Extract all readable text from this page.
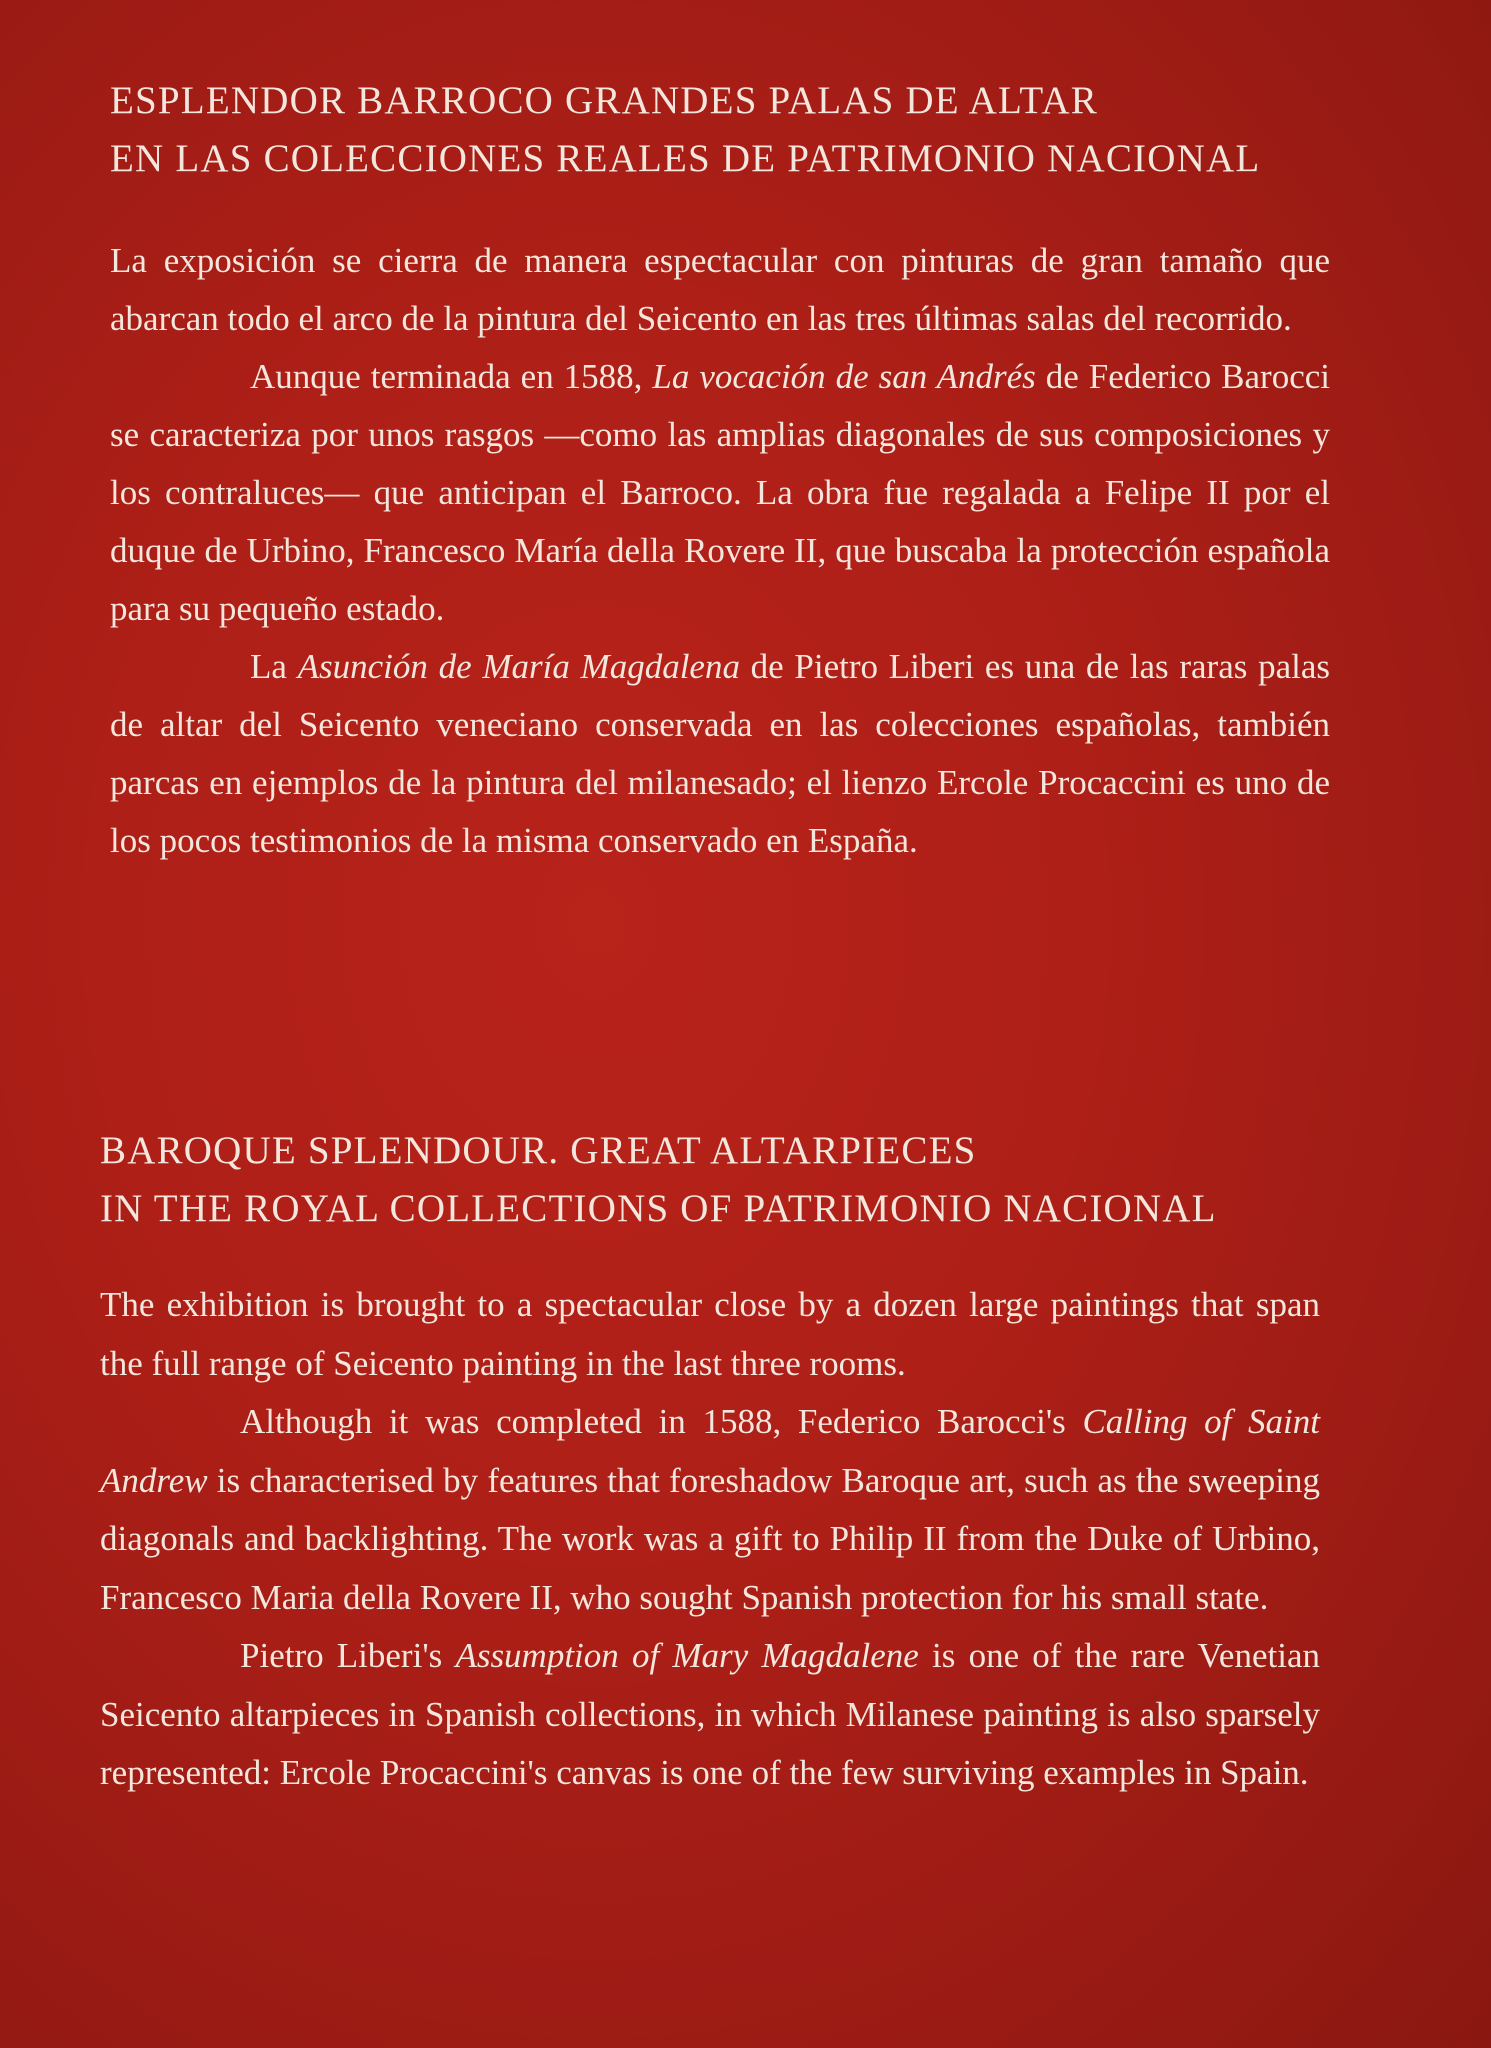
ESPLENDOR BARROCO GRANDES PALAS DE ALTAR
EN LAS COLECCIONES REALES DE PATRIMONIO NACIONAL

La exposición se cierra de manera espectacular con pinturas de gran tamaño que abarcan todo el arco de la pintura del Seicento en las tres últimas salas del recorrido.

Aunque terminada en 1588, La vocación de san Andrés de Federico Barocci se caracteriza por unos rasgos —como las amplias diagonales de sus composiciones y los contraluces— que anticipan el Barroco. La obra fue regalada a Felipe II por el duque de Urbino, Francesco María della Rovere II, que buscaba la protección española para su pequeño estado.

La Asunción de María Magdalena de Pietro Liberi es una de las raras palas de altar del Seicento veneciano conservada en las colecciones españolas, también parcas en ejemplos de la pintura del milanesado; el lienzo Ercole Procaccini es uno de los pocos testimonios de la misma conservado en España.

BAROQUE SPLENDOUR. GREAT ALTARPIECES
IN THE ROYAL COLLECTIONS OF PATRIMONIO NACIONAL

The exhibition is brought to a spectacular close by a dozen large paintings that span the full range of Seicento painting in the last three rooms.

Although it was completed in 1588, Federico Barocci's Calling of Saint Andrew is characterised by features that foreshadow Baroque art, such as the sweeping diagonals and backlighting. The work was a gift to Philip II from the Duke of Urbino, Francesco Maria della Rovere II, who sought Spanish protection for his small state.

Pietro Liberi's Assumption of Mary Magdalene is one of the rare Venetian Seicento altarpieces in Spanish collections, in which Milanese painting is also sparsely represented: Ercole Procaccini's canvas is one of the few surviving examples in Spain.
